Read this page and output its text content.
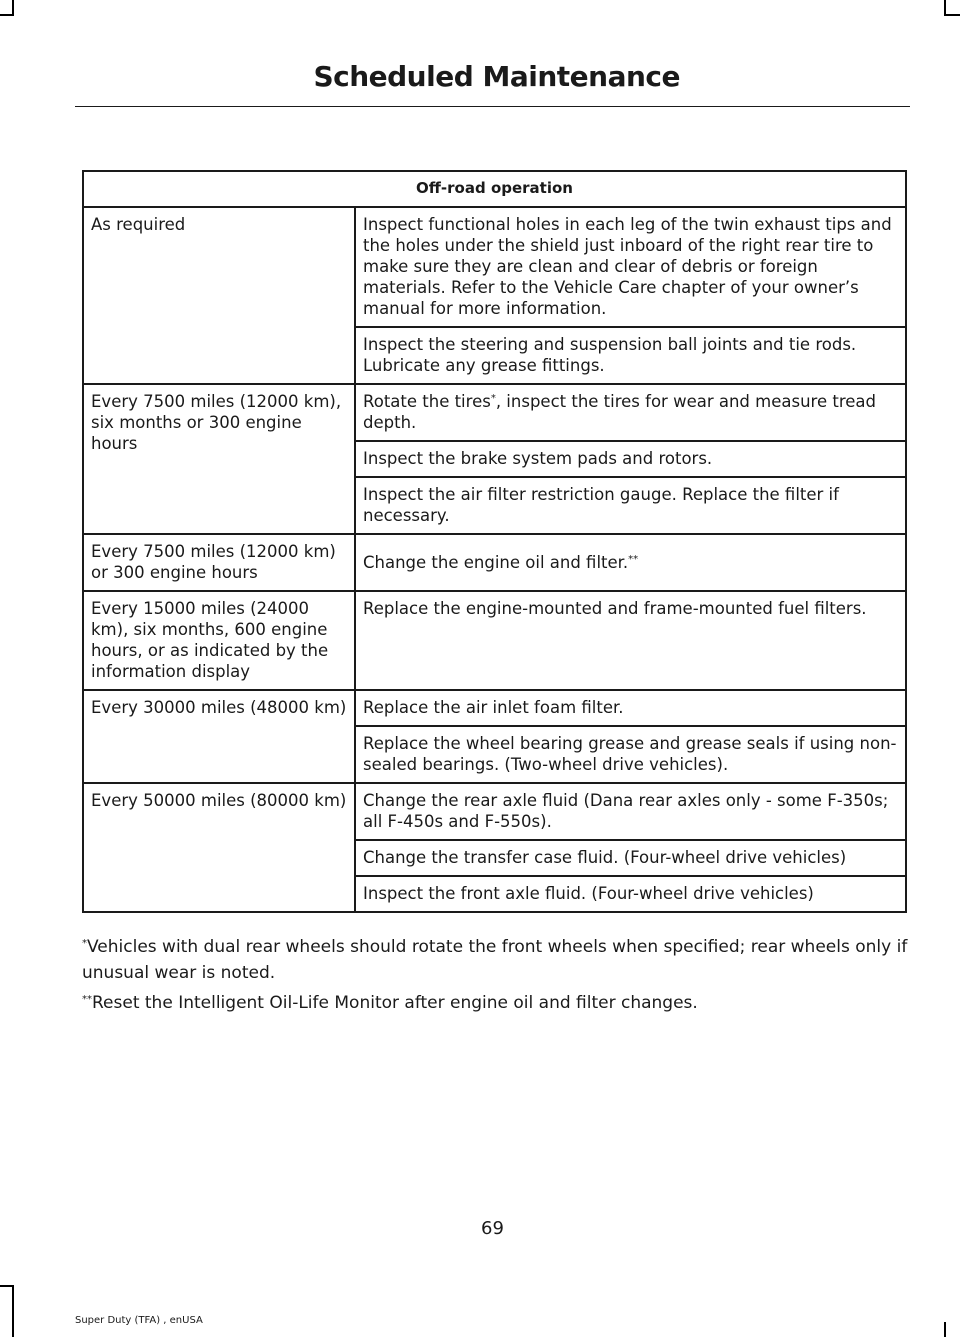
Scheduled Maintenance
Off-road operation	
As required	Inspect functional holes in each leg of the twin exhaust tips and the holes under the shield just inboard of the right rear tire to make sure they are clean and clear of debris or foreign materials. Refer to the Vehicle Care chapter of your owner’s manual for more information.
	Inspect the steering and suspension ball joints and tie rods. Lubricate any grease fittings.
Every 7500 miles (12000 km), six months or 300 engine hours	Rotate the tires*, inspect the tires for wear and measure tread depth.
	Inspect the brake system pads and rotors.
	Inspect the air filter restriction gauge. Replace the filter if necessary.
Every 7500 miles (12000 km) or 300 engine hours	Change the engine oil and filter.**
Every 15000 miles (24000 km), six months, 600 engine hours, or as indicated by the information display	Replace the engine-mounted and frame-mounted fuel filters.
Every 30000 miles (48000 km)	Replace the air inlet foam filter.
	Replace the wheel bearing grease and grease seals if using non-sealed bearings. (Two-wheel drive vehicles).
Every 50000 miles (80000 km)	Change the rear axle fluid (Dana rear axles only - some F-350s; all F-450s and F-550s).
	Change the transfer case fluid. (Four-wheel drive vehicles)
	Inspect the front axle fluid. (Four-wheel drive vehicles)
*Vehicles with dual rear wheels should rotate the front wheels when specified; rear wheels only if unusual wear is noted.
**Reset the Intelligent Oil-Life Monitor after engine oil and filter changes.
69
Super Duty (TFA) , enUSA
